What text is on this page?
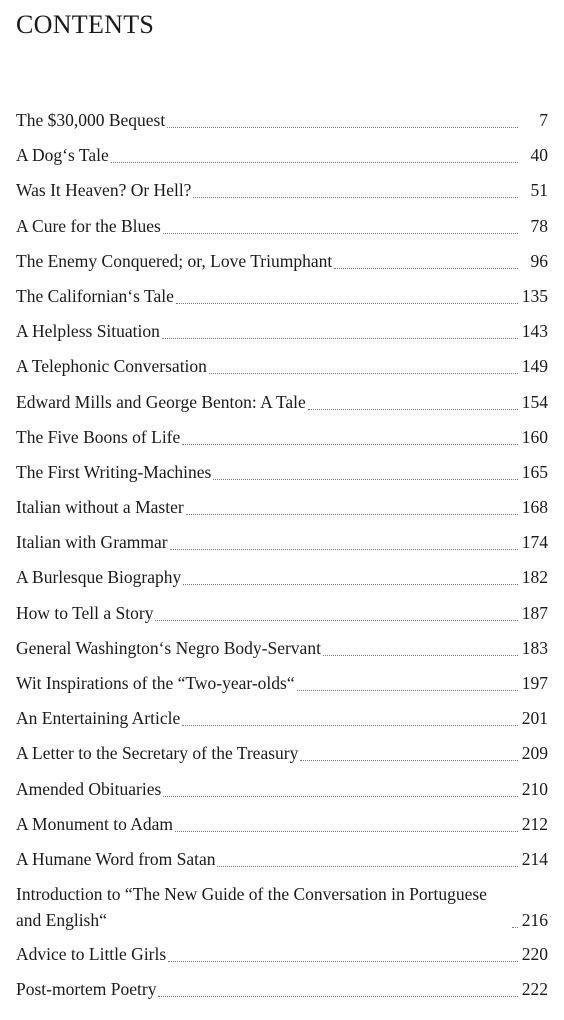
CONTENTS
The $30,000 Bequest	7
A Dog‘s Tale	40
Was It Heaven? Or Hell?	51
A Cure for the Blues	78
The Enemy Conquered; or, Love Triumphant	96
The Californian‘s Tale	135
A Helpless Situation	143
A Telephonic Conversation	149
Edward Mills and George Benton: A Tale	154
The Five Boons of Life	160
The First Writing-Machines	165
Italian without a Master	168
Italian with Grammar	174
A Burlesque Biography	182
How to Tell a Story	187
General Washington‘s Negro Body-Servant	183
Wit Inspirations of the “Two-year-olds“	197
An Entertaining Article	201
A Letter to the Secretary of the Treasury	209
Amended Obituaries	210
A Monument to Adam	212
A Humane Word from Satan	214
Introduction to “The New Guide of the Conversation in Portuguese and English“	216
Advice to Little Girls	220
Post-mortem Poetry	222
